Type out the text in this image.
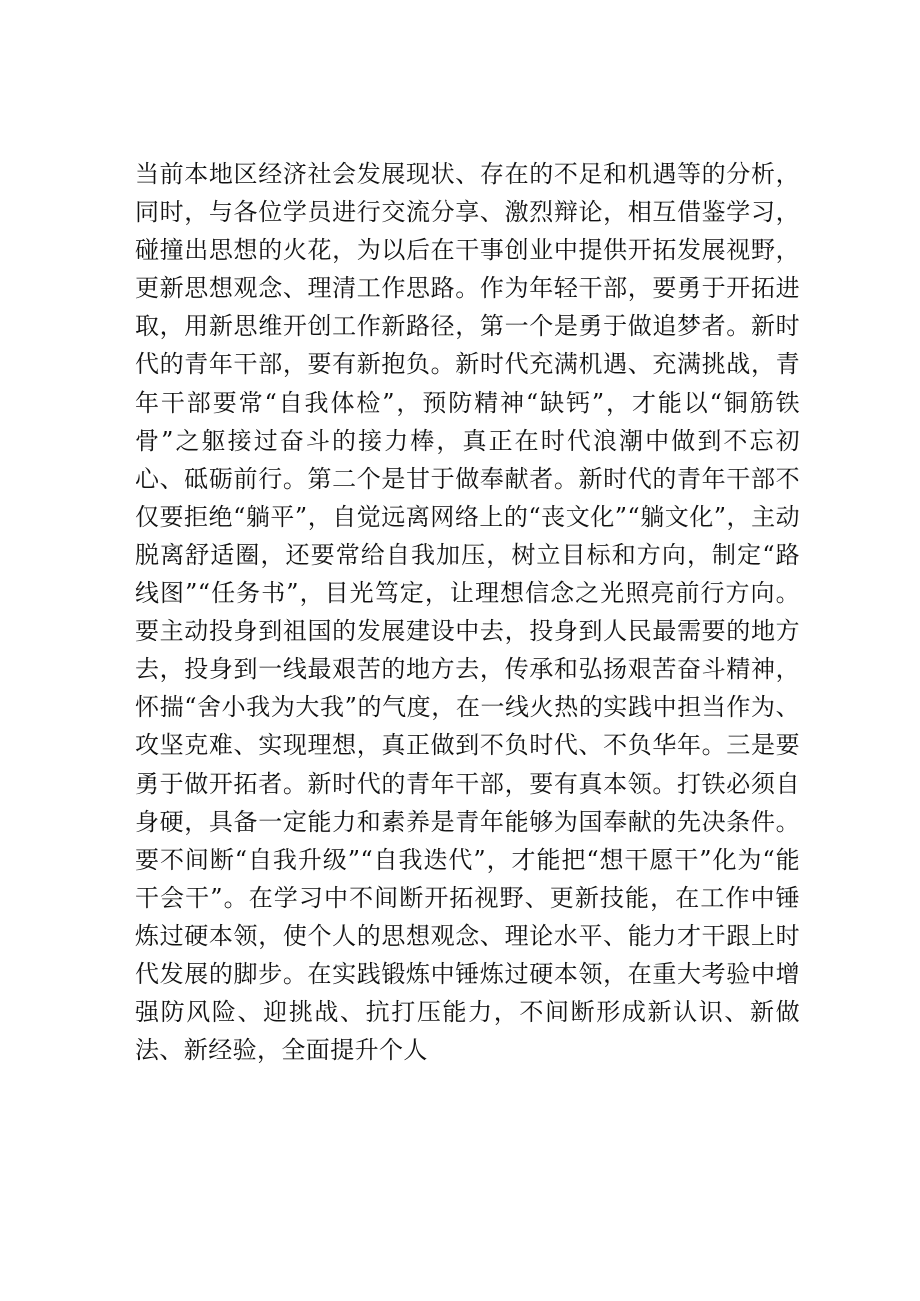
当前本地区经济社会发展现状、存在的不足和机遇等的分析，同时，与各位学员进行交流分享、激烈辩论，相互借鉴学习，碰撞出思想的火花，为以后在干事创业中提供开拓发展视野，更新思想观念、理清工作思路。作为年轻干部，要勇于开拓进取，用新思维开创工作新路径，第一个是勇于做追梦者。新时代的青年干部，要有新抱负。新时代充满机遇、充满挑战，青年干部要常“自我体检”，预防精神“缺钙”，才能以“铜筋铁骨”之躯接过奋斗的接力棒，真正在时代浪潮中做到不忘初心、砥砺前行。第二个是甘于做奉献者。新时代的青年干部不仅要拒绝“躺平”，自觉远离网络上的“丧文化”“躺文化”，主动脱离舒适圈，还要常给自我加压，树立目标和方向，制定“路线图”“任务书”，目光笃定，让理想信念之光照亮前行方向。要主动投身到祖国的发展建设中去，投身到人民最需要的地方去，投身到一线最艰苦的地方去，传承和弘扬艰苦奋斗精神，怀揣“舍小我为大我”的气度，在一线火热的实践中担当作为、攻坚克难、实现理想，真正做到不负时代、不负华年。三是要勇于做开拓者。新时代的青年干部，要有真本领。打铁必须自身硬，具备一定能力和素养是青年能够为国奉献的先决条件。要不间断“自我升级”“自我迭代”，才能把“想干愿干”化为“能干会干”。在学习中不间断开拓视野、更新技能，在工作中锤炼过硬本领，使个人的思想观念、理论水平、能力才干跟上时代发展的脚步。在实践锻炼中锤炼过硬本领，在重大考验中增强防风险、迎挑战、抗打压能力，不间断形成新认识、新做法、新经验，全面提升个人
